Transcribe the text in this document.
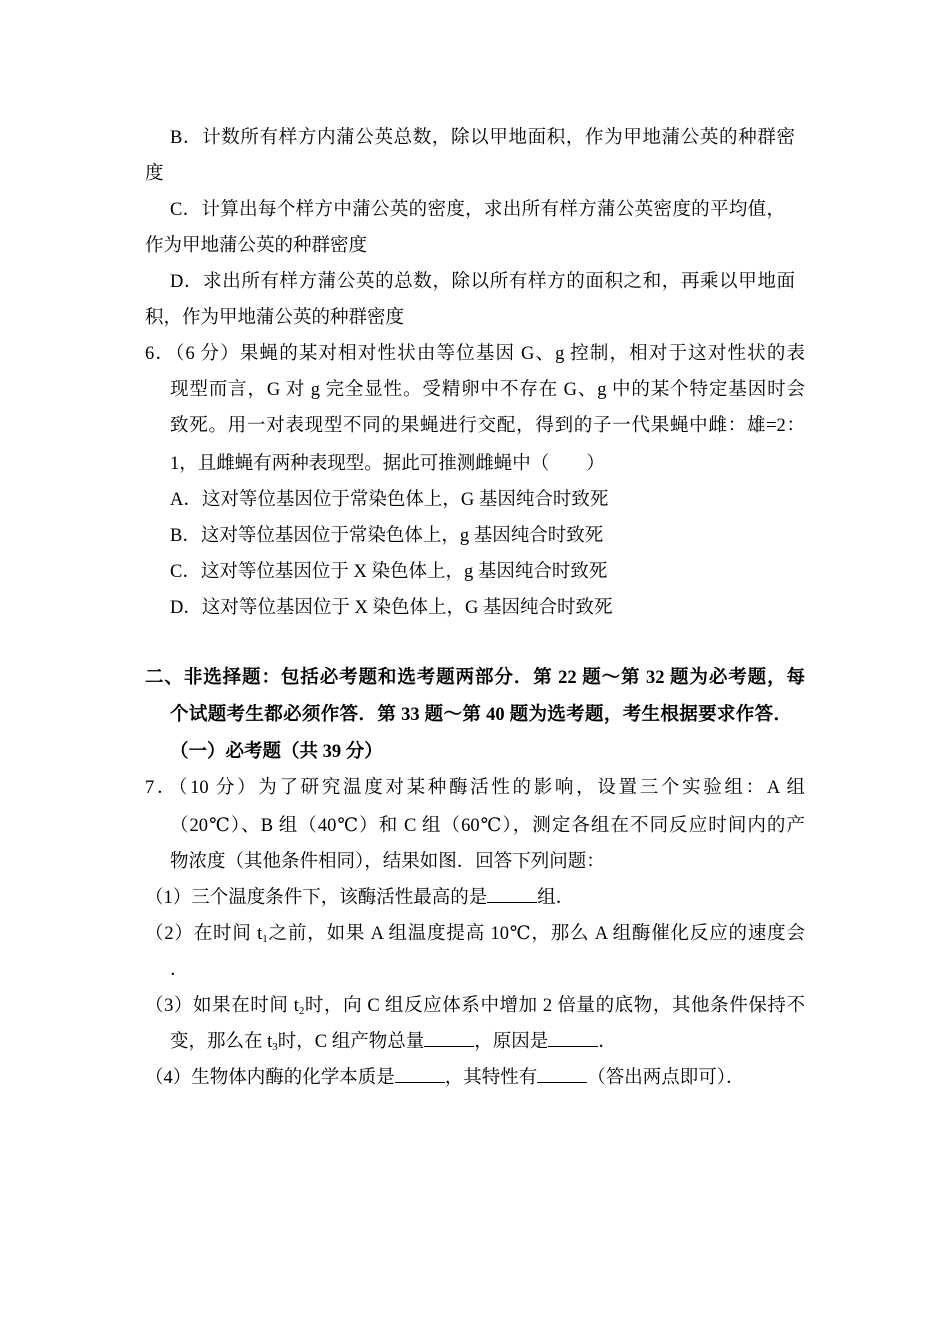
B．计数所有样方内蒲公英总数，除以甲地面积，作为甲地蒲公英的种群密
度
C．计算出每个样方中蒲公英的密度，求出所有样方蒲公英密度的平均值，
作为甲地蒲公英的种群密度
D．求出所有样方蒲公英的总数，除以所有样方的面积之和，再乘以甲地面
积，作为甲地蒲公英的种群密度
6．（6 分）果蝇的某对相对性状由等位基因 G、g 控制，相对于这对性状的表
现型而言，G 对 g 完全显性。受精卵中不存在 G、g 中的某个特定基因时会
致死。用一对表现型不同的果蝇进行交配，得到的子一代果蝇中雌：雄=2：
1，且雌蝇有两种表现型。据此可推测雌蝇中（　　）
A．这对等位基因位于常染色体上，G 基因纯合时致死
B．这对等位基因位于常染色体上，g 基因纯合时致死
C．这对等位基因位于 X 染色体上，g 基因纯合时致死
D．这对等位基因位于 X 染色体上，G 基因纯合时致死
二、非选择题：包括必考题和选考题两部分．第 22 题～第 32 题为必考题，每
个试题考生都必须作答．第 33 题～第 40 题为选考题，考生根据要求作答．
（一）必考题（共 39 分）
7．（10 分）为了研究温度对某种酶活性的影响，设置三个实验组：A 组
（20℃）、B 组（40℃）和 C 组（60℃），测定各组在不同反应时间内的产
物浓度（其他条件相同），结果如图．回答下列问题：
（1）三个温度条件下，该酶活性最高的是	组．
（2）在时间 $t_1$之前，如果 A 组温度提高 10℃，那么 A 组酶催化反应的速度会
．
（3）如果在时间 $t_2$时，向 C 组反应体系中增加 2 倍量的底物，其他条件保持不
变，那么在 $t_3$时，C 组产物总量	，原因是	．
（4）生物体内酶的化学本质是	，其特性有	（答出两点即可）．
